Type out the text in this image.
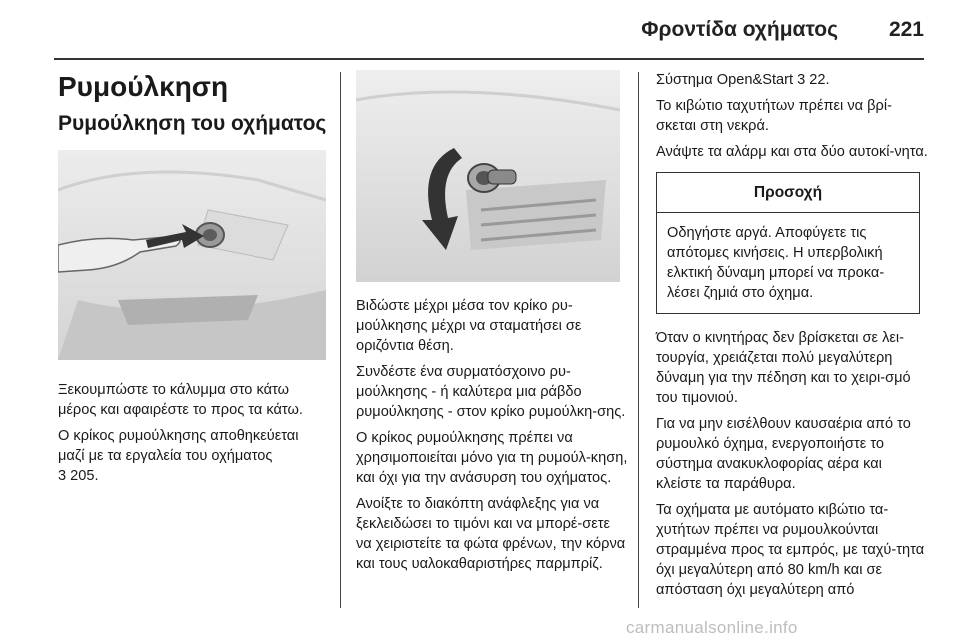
Φροντίδα οχήματος 221
Ρυμούλκηση
Ρυμούλκηση του οχήματος

Ξεκουμπώστε το κάλυμμα στο κάτω μέρος και αφαιρέστε το προς τα κάτω.

Ο κρίκος ρυμούλκησης αποθηκεύεται μαζί με τα εργαλεία του οχήματος
3 205.

Βιδώστε μέχρι μέσα τον κρίκο ρυ-μούλκησης μέχρι να σταματήσει σε οριζόντια θέση.

Συνδέστε ένα συρματόσχοινο ρυ-μούλκησης - ή καλύτερα μια ράβδο ρυμούλκησης - στον κρίκο ρυμούλκη-σης.

Ο κρίκος ρυμούλκησης πρέπει να χρησιμοποιείται μόνο για τη ρυμούλ-κηση, και όχι για την ανάσυρση του οχήματος.

Ανοίξτε το διακόπτη ανάφλεξης για να ξεκλειδώσει το τιμόνι και να μπορέ-σετε να χειριστείτε τα φώτα φρένων, την κόρνα και τους υαλοκαθαριστήρες παρμπρίζ.

Σύστημα Open&Start 3 22.

Το κιβώτιο ταχυτήτων πρέπει να βρί-σκεται στη νεκρά.

Ανάψτε τα αλάρμ και στα δύο αυτοκί-νητα.

Προσοχή

Οδηγήστε αργά. Αποφύγετε τις απότομες κινήσεις. Η υπερβολική ελκτική δύναμη μπορεί να προκα-λέσει ζημιά στο όχημα.

Όταν ο κινητήρας δεν βρίσκεται σε λει-τουργία, χρειάζεται πολύ μεγαλύτερη δύναμη για την πέδηση και το χειρι-σμό του τιμονιού.

Για να μην εισέλθουν καυσαέρια από το ρυμουλκό όχημα, ενεργοποιήστε το σύστημα ανακυκλοφορίας αέρα και κλείστε τα παράθυρα.

Τα οχήματα με αυτόματο κιβώτιο τα-χυτήτων πρέπει να ρυμουλκούνται στραμμένα προς τα εμπρός, με ταχύ-τητα όχι μεγαλύτερη από 80 km/h και σε απόσταση όχι μεγαλύτερη από

carmanualsonline.info
